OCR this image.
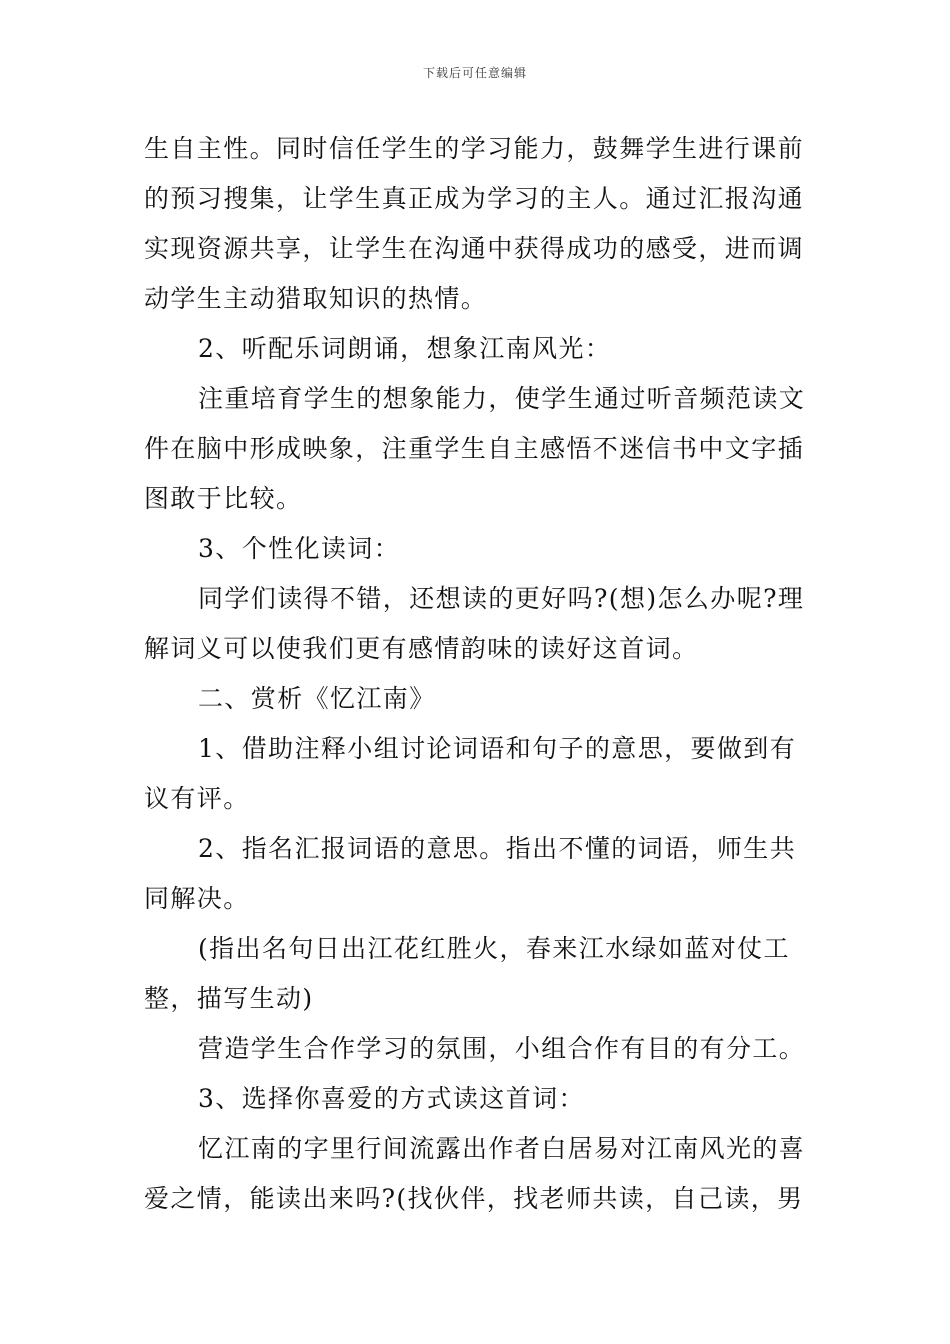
下载后可任意编辑

生自主性。同时信任学生的学习能力，鼓舞学生进行课前的预习搜集，让学生真正成为学习的主人。通过汇报沟通实现资源共享，让学生在沟通中获得成功的感受，进而调动学生主动猎取知识的热情。

2、听配乐词朗诵，想象江南风光：

注重培育学生的想象能力，使学生通过听音频范读文件在脑中形成映象，注重学生自主感悟不迷信书中文字插图敢于比较。

3、个性化读词：

同学们读得不错，还想读的更好吗?(想)怎么办呢?理解词义可以使我们更有感情韵味的读好这首词。

二、赏析《忆江南》

1、借助注释小组讨论词语和句子的意思，要做到有议有评。

2、指名汇报词语的意思。指出不懂的词语，师生共同解决。

(指出名句日出江花红胜火，春来江水绿如蓝对仗工整，描写生动)

营造学生合作学习的氛围，小组合作有目的有分工。

3、选择你喜爱的方式读这首词：

忆江南的字里行间流露出作者白居易对江南风光的喜爱之情，能读出来吗?(找伙伴，找老师共读，自己读，男
